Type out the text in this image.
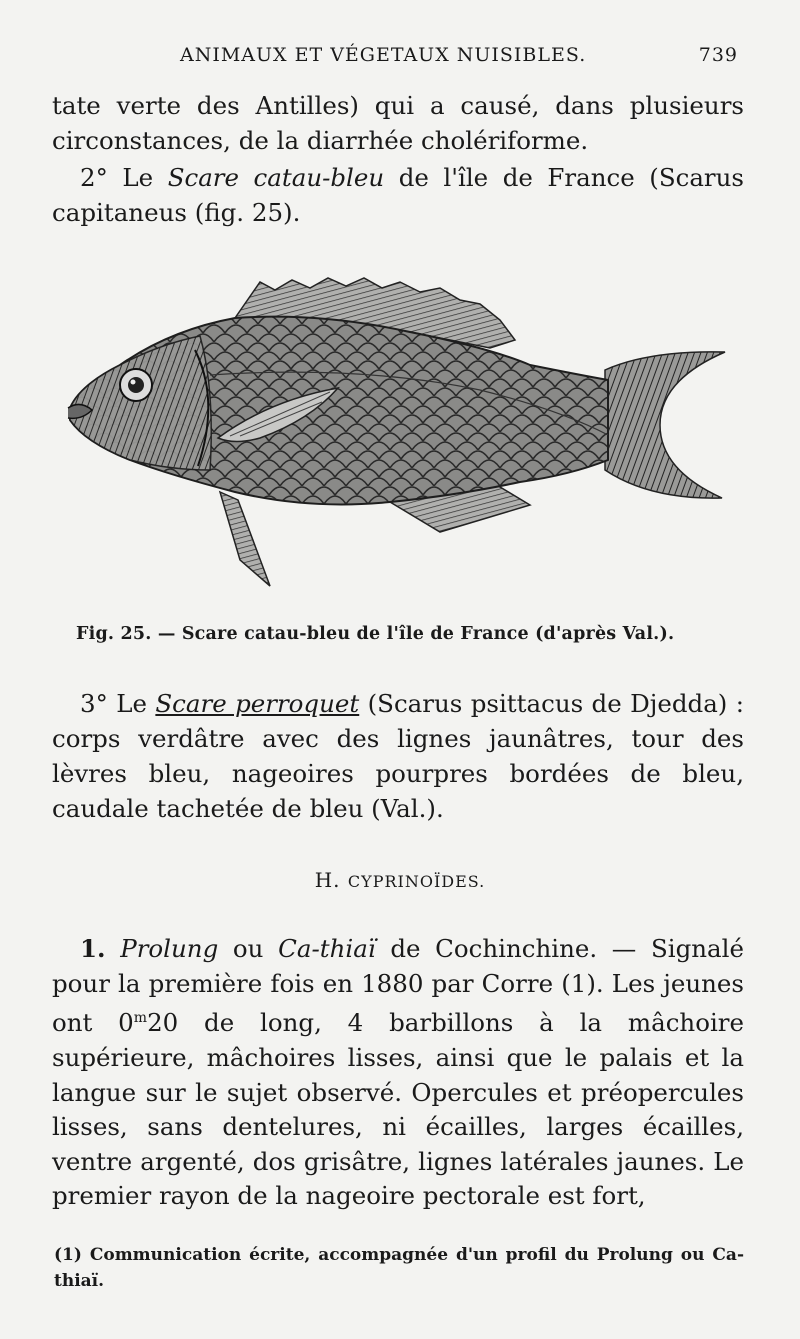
ANIMAUX ET VÉGETAUX NUISIBLES.	739

tate verte des Antilles) qui a causé, dans plusieurs circonstances, de la diarrhée cholériforme.

2° Le Scare catau-bleu de l'île de France (Scarus capitaneus (fig. 25).

Fig. 25. — Scare catau-bleu de l'île de France (d'après Val.).

3° Le Scare perroquet (Scarus psittacus de Djedda) : corps verdâtre avec des lignes jaunâtres, tour des lèvres bleu, nageoires pourpres bordées de bleu, caudale tachetée de bleu (Val.).

H. CYPRINOÏDES.

1. Prolung ou Ca-thiaï de Cochinchine. — Signalé pour la première fois en 1880 par Corre (1). Les jeunes ont 0$^m$20 de long, 4 barbillons à la mâchoire supérieure, mâchoires lisses, ainsi que le palais et la langue sur le sujet observé. Opercules et préopercules lisses, sans dentelures, ni écailles, larges écailles, ventre argenté, dos grisâtre, lignes latérales jaunes. Le premier rayon de la nageoire pectorale est fort,

(1) Communication écrite, accompagnée d'un profil du Prolung ou Ca-thiaï.
